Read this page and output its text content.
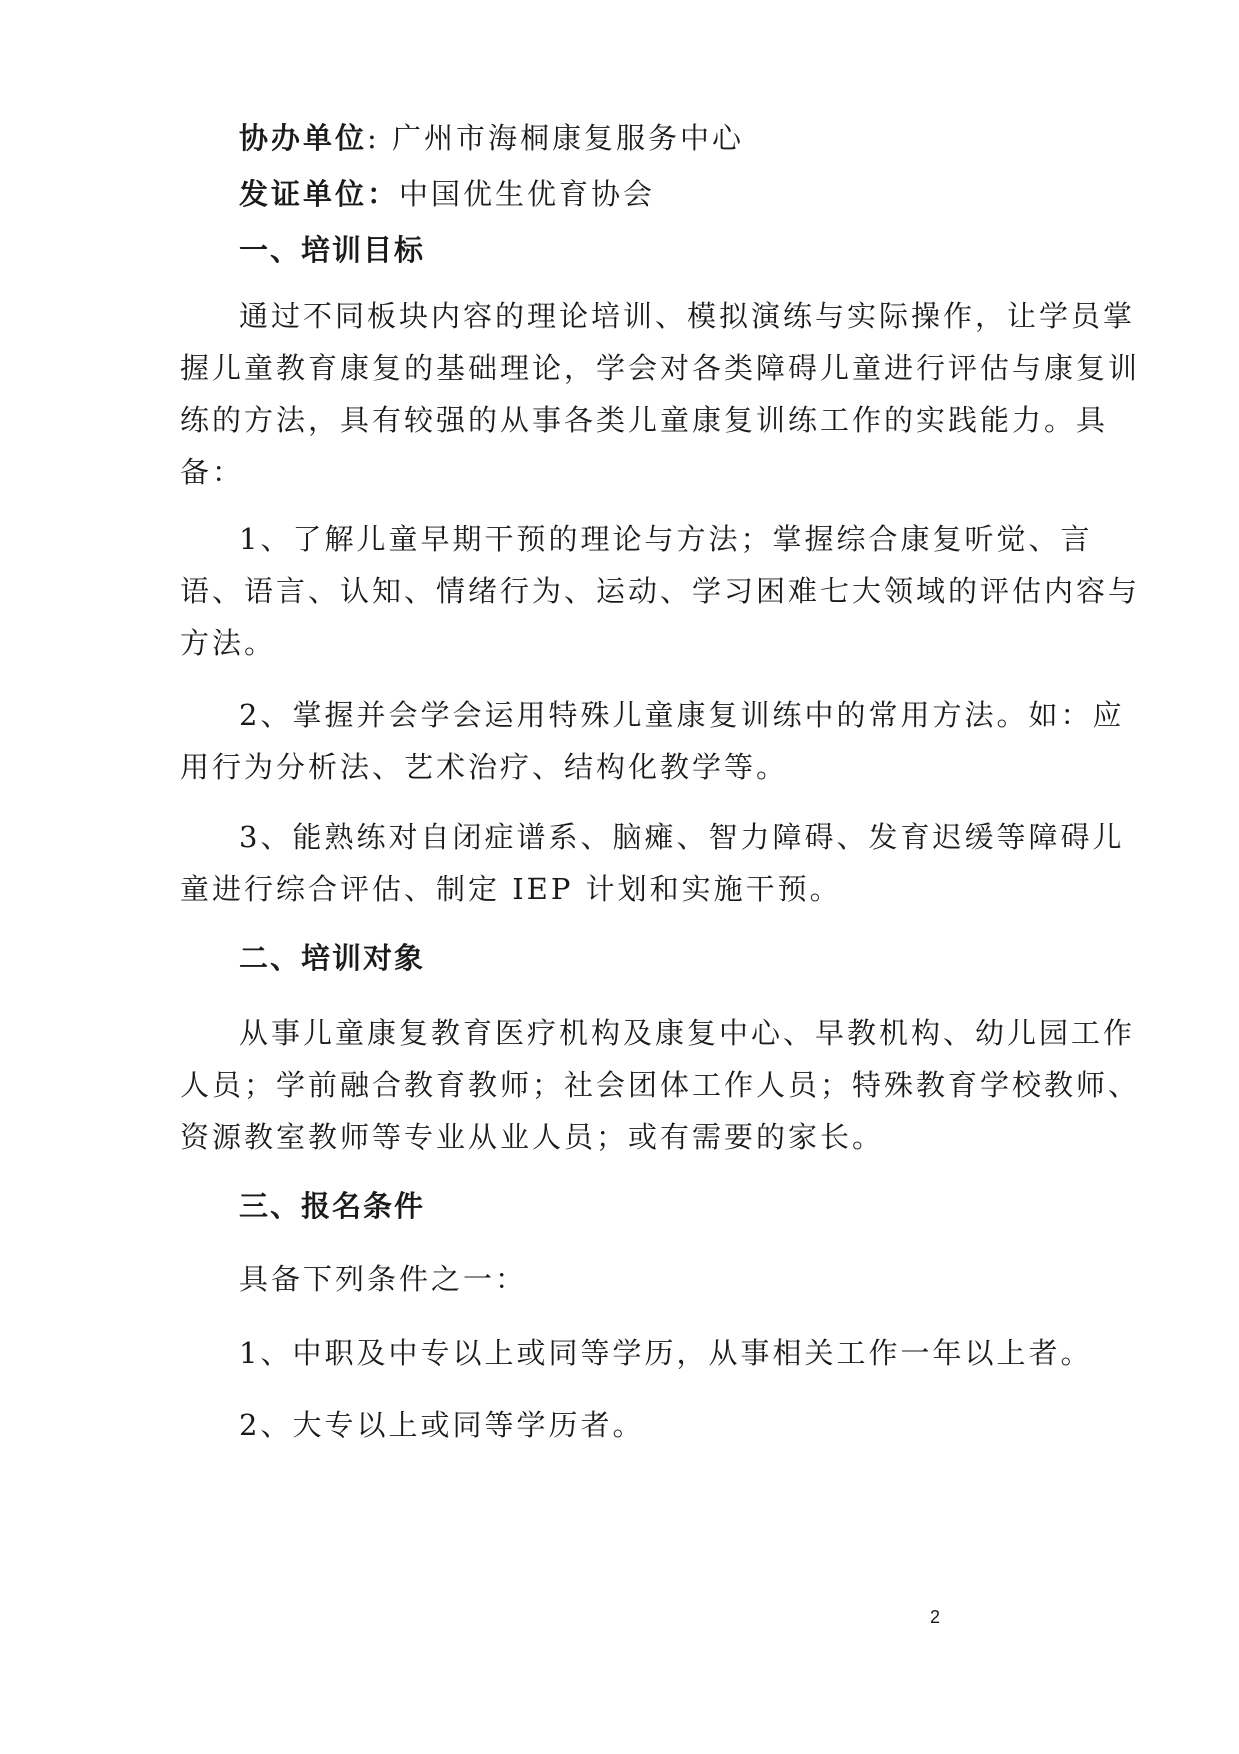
协办单位: 广州市海桐康复服务中心
发证单位：中国优生优育协会
一、培训目标
通过不同板块内容的理论培训、模拟演练与实际操作，让学员掌
握儿童教育康复的基础理论，学会对各类障碍儿童进行评估与康复训
练的方法，具有较强的从事各类儿童康复训练工作的实践能力。具
备：
1、了解儿童早期干预的理论与方法；掌握综合康复听觉、言
语、语言、认知、情绪行为、运动、学习困难七大领域的评估内容与
方法。
2、掌握并会学会运用特殊儿童康复训练中的常用方法。如：应
用行为分析法、艺术治疗、结构化教学等。
3、能熟练对自闭症谱系、脑瘫、智力障碍、发育迟缓等障碍儿
童进行综合评估、制定 IEP 计划和实施干预。
二、培训对象
从事儿童康复教育医疗机构及康复中心、早教机构、幼儿园工作
人员；学前融合教育教师；社会团体工作人员；特殊教育学校教师、
资源教室教师等专业从业人员；或有需要的家长。
三、报名条件
具备下列条件之一：
1、中职及中专以上或同等学历，从事相关工作一年以上者。
2、大专以上或同等学历者。
2
